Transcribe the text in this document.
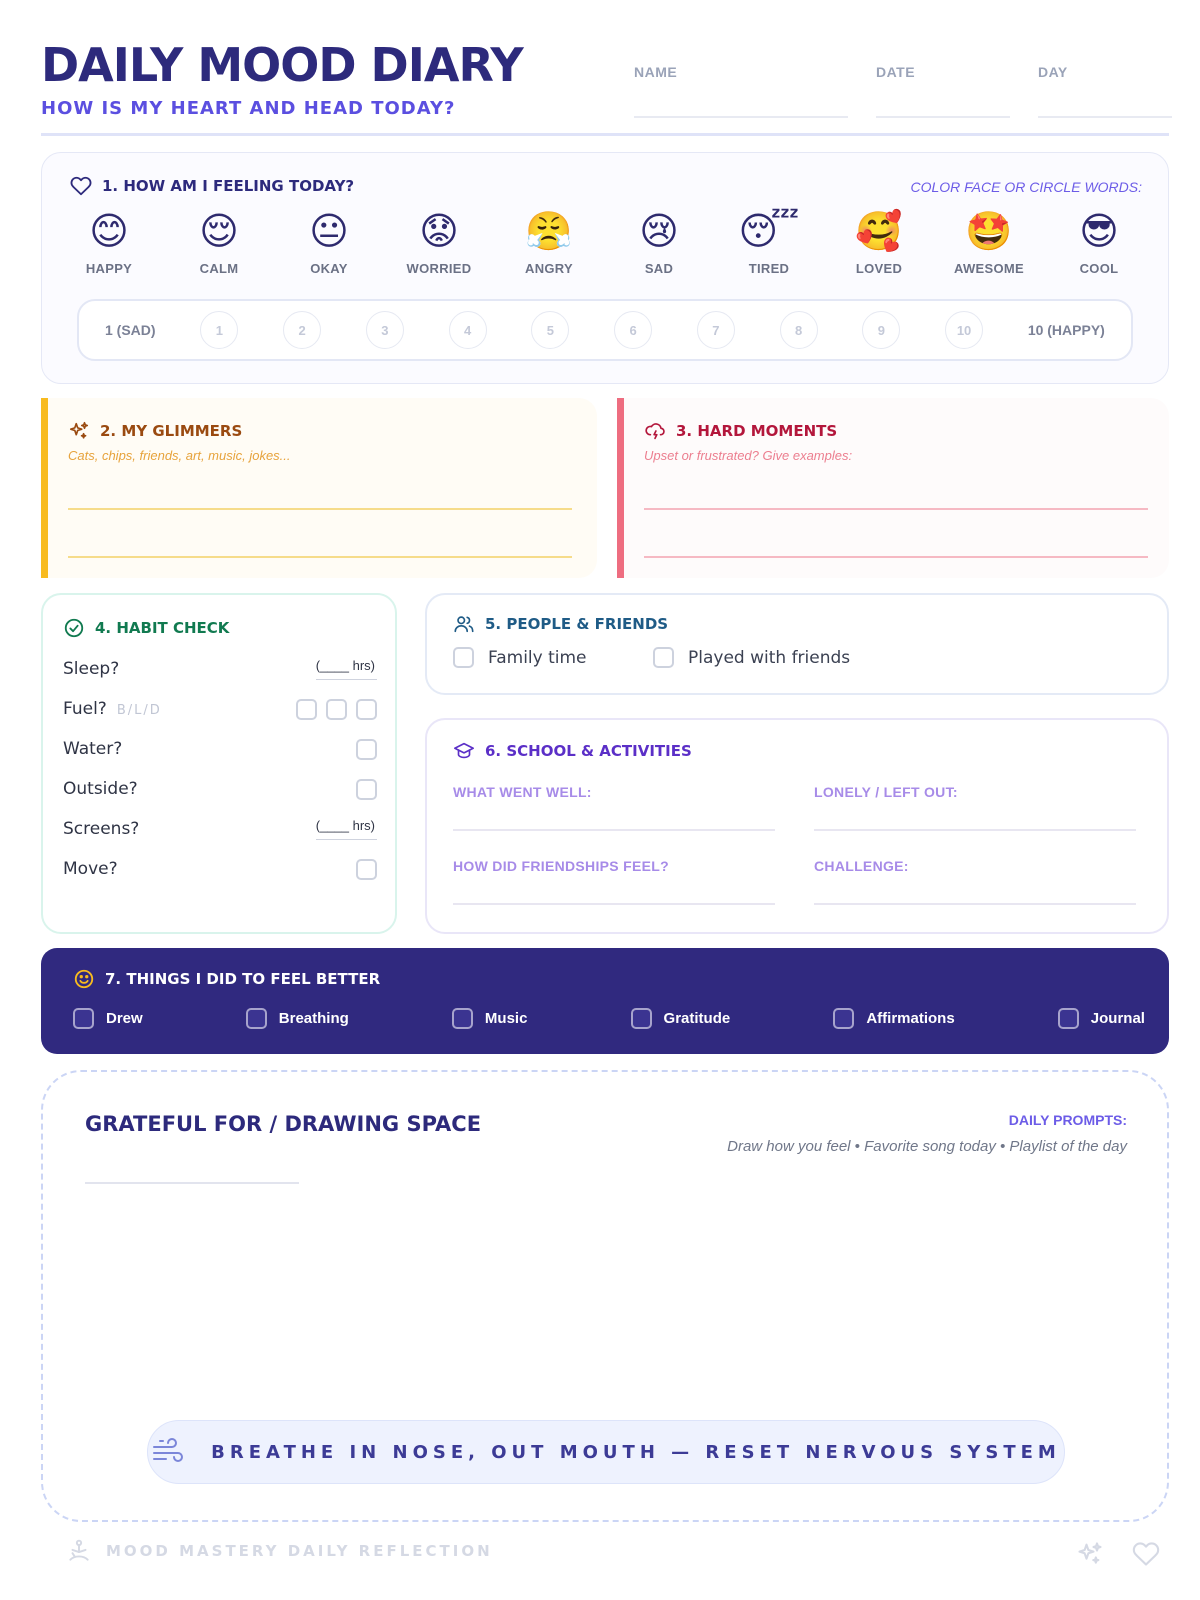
DAILY MOOD DIARY
HOW IS MY HEART AND HEAD TODAY?
NAME	DATE	DAY
1. HOW AM I FEELING TODAY?	COLOR FACE OR CIRCLE WORDS:
😊
HAPPY
😌
CALM
😐
OKAY
😟
WORRIED
😤
ANGRY
😢
SAD
😴
TIRED
🥰
LOVED
🤩
AWESOME
😎
COOL
1 (SAD)	1	2	3	4	5	6	7	8	9	10	10 (HAPPY)
2. MY GLIMMERS
Cats, chips, friends, art, music, jokes...
3. HARD MOMENTS
Upset or frustrated? Give examples:
4. HABIT CHECK
Sleep?	(____ hrs)
Fuel? B/L/D
Water?
Outside?
Screens?	(____ hrs)
Move?
5. PEOPLE & FRIENDS
Family time	Played with friends
6. SCHOOL & ACTIVITIES
WHAT WENT WELL:	LONELY / LEFT OUT:
HOW DID FRIENDSHIPS FEEL?	CHALLENGE:
7. THINGS I DID TO FEEL BETTER
Drew	Breathing	Music	Gratitude	Affirmations	Journal
GRATEFUL FOR / DRAWING SPACE	DAILY PROMPTS:
Draw how you feel • Favorite song today • Playlist of the day
BREATHE IN NOSE, OUT MOUTH — RESET NERVOUS SYSTEM
MOOD MASTERY DAILY REFLECTION
